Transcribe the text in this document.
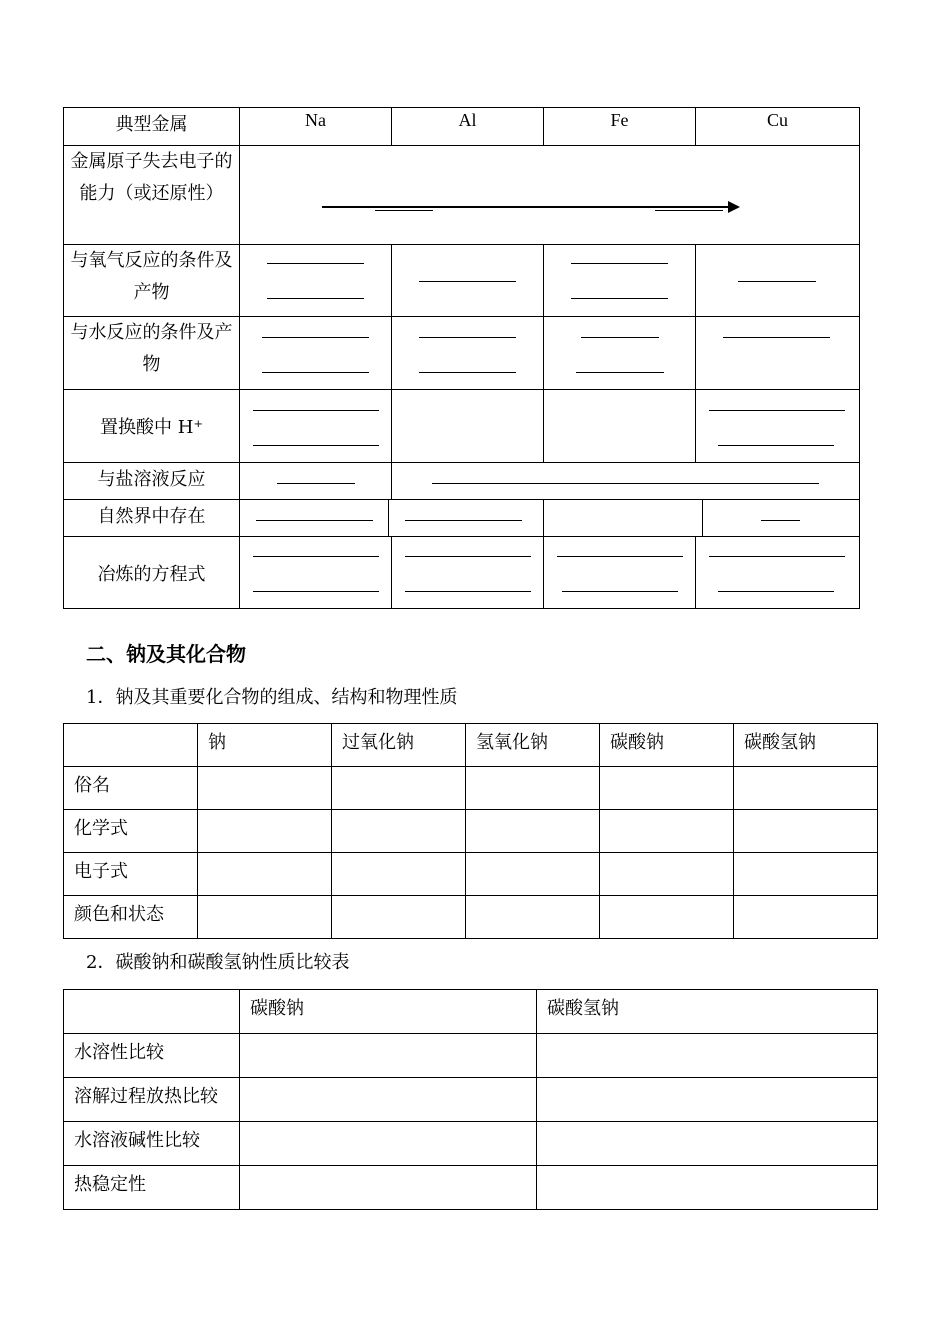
典型金属	Na	Al	Fe	Cu

金属原子失去电子的能力（或还原性）				

与氧气反应的条件及产物				

与水反应的条件及产物				

置换酸中 H⁺	

与盐溶液反应			

自然界中存在	

冶炼的方程式	

二、钠及其化合物

1．钠及其重要化合物的组成、结构和物理性质

	钠	过氧化钠	氢氧化钠	碳酸钠	碳酸氢钠
俗名					
化学式					
电子式					
颜色和状态					

2．碳酸钠和碳酸氢钠性质比较表

	碳酸钠	碳酸氢钠
水溶性比较		
溶解过程放热比较		
水溶液碱性比较		
热稳定性		
